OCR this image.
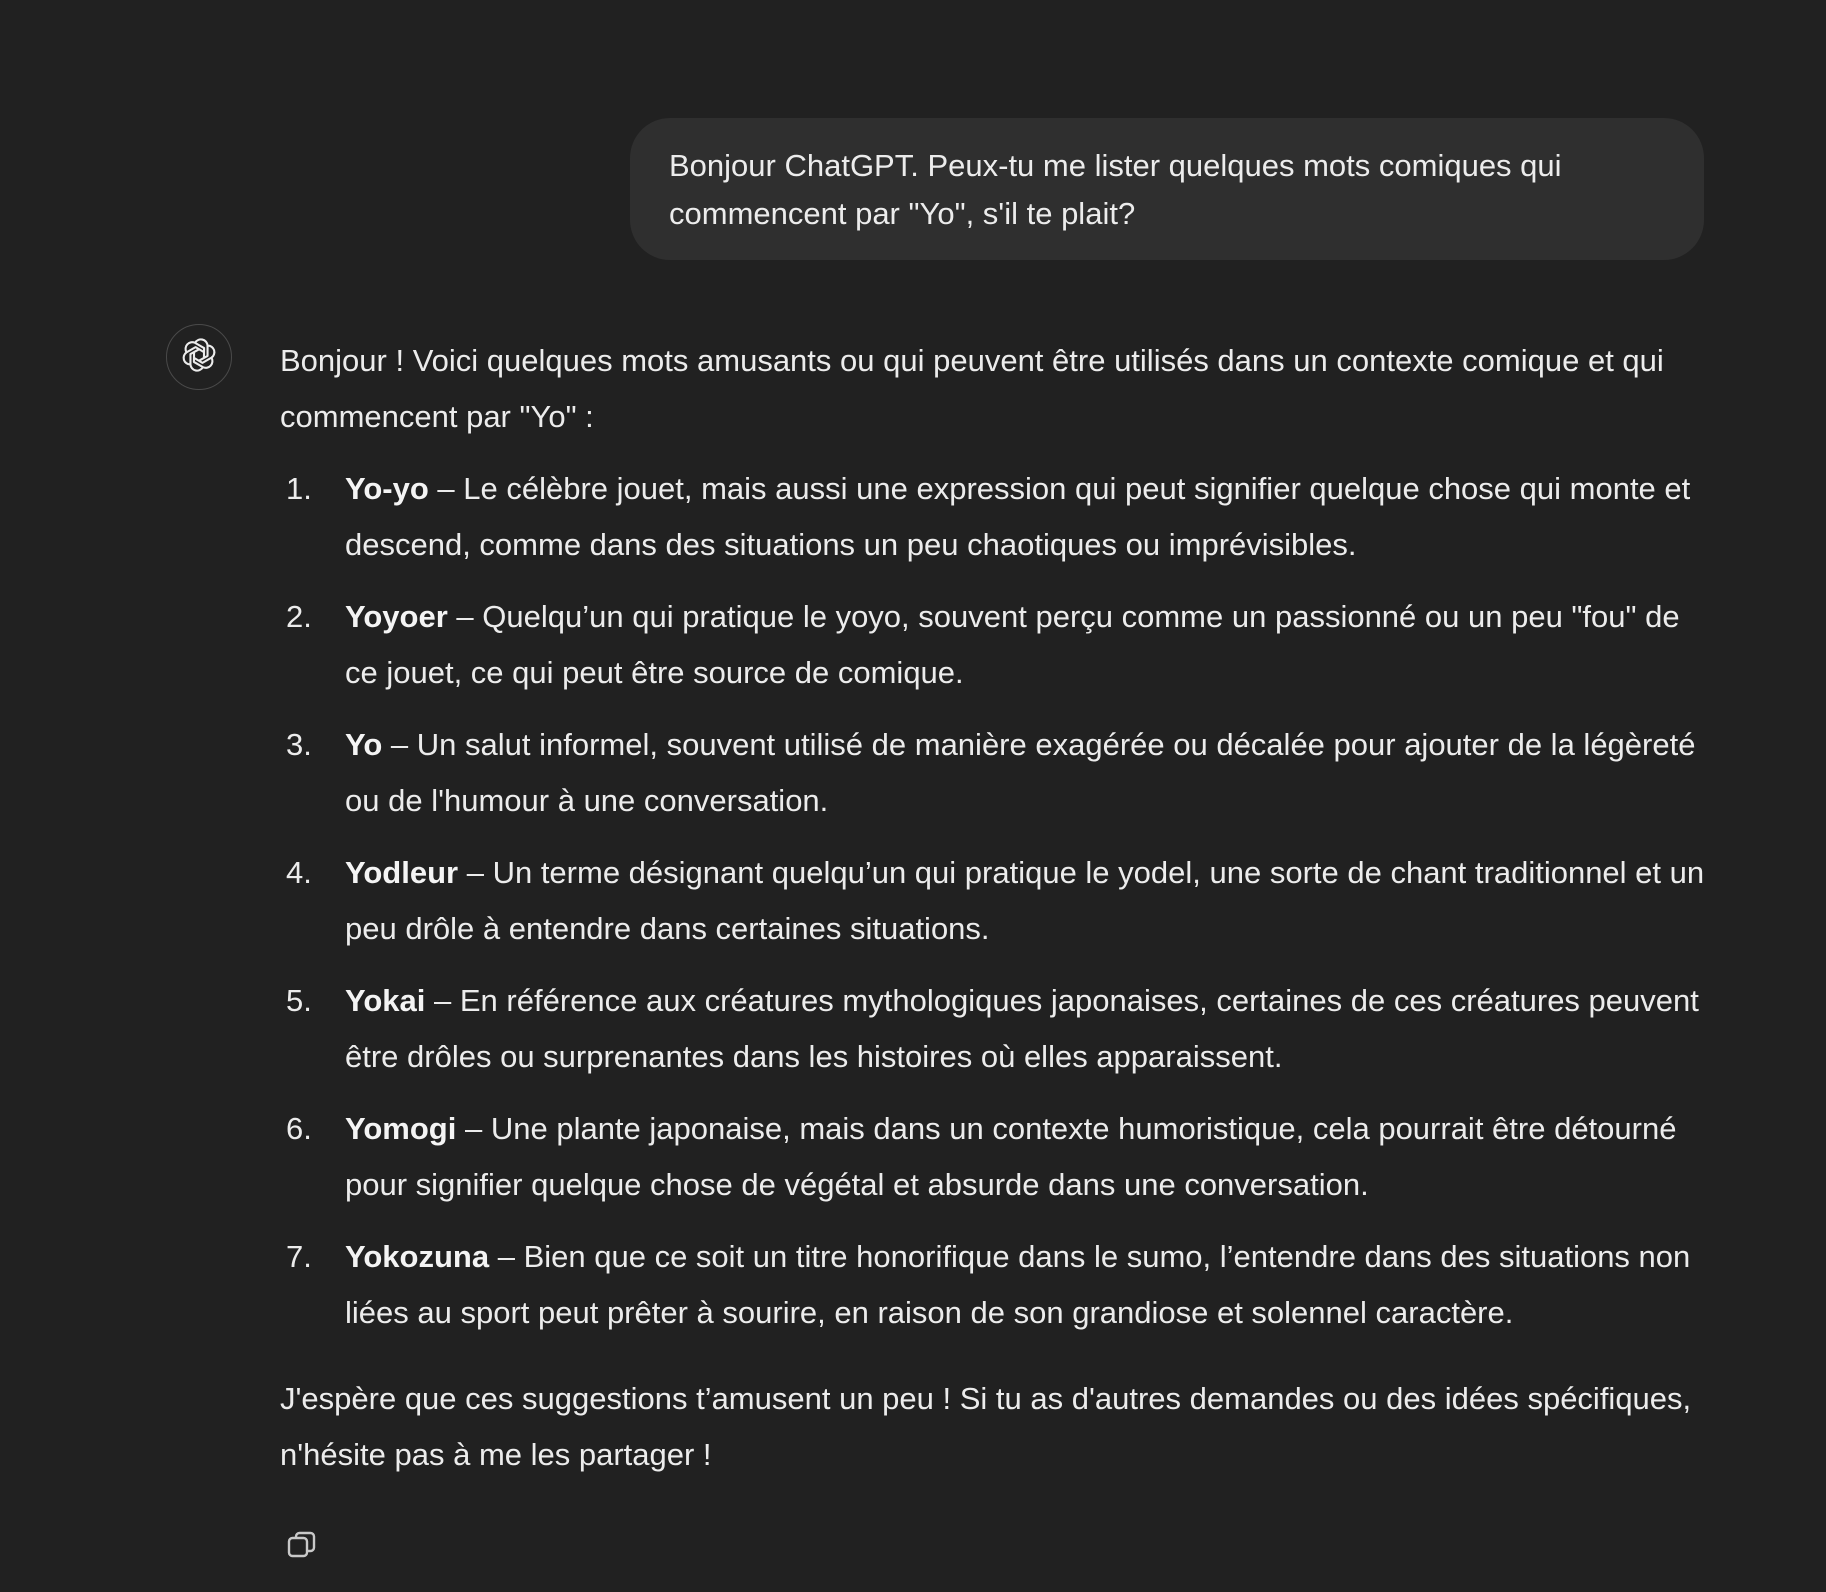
Bonjour ChatGPT. Peux-tu me lister quelques mots comiques qui commencent par "Yo", s'il te plait?

Bonjour ! Voici quelques mots amusants ou qui peuvent être utilisés dans un contexte comique et qui commencent par "Yo" :

1. Yo-yo – Le célèbre jouet, mais aussi une expression qui peut signifier quelque chose qui monte et descend, comme dans des situations un peu chaotiques ou imprévisibles.
2. Yoyoer – Quelqu’un qui pratique le yoyo, souvent perçu comme un passionné ou un peu "fou" de ce jouet, ce qui peut être source de comique.
3. Yo – Un salut informel, souvent utilisé de manière exagérée ou décalée pour ajouter de la légèreté ou de l'humour à une conversation.
4. Yodleur – Un terme désignant quelqu’un qui pratique le yodel, une sorte de chant traditionnel et un peu drôle à entendre dans certaines situations.
5. Yokai – En référence aux créatures mythologiques japonaises, certaines de ces créatures peuvent être drôles ou surprenantes dans les histoires où elles apparaissent.
6. Yomogi – Une plante japonaise, mais dans un contexte humoristique, cela pourrait être détourné pour signifier quelque chose de végétal et absurde dans une conversation.
7. Yokozuna – Bien que ce soit un titre honorifique dans le sumo, l’entendre dans des situations non liées au sport peut prêter à sourire, en raison de son grandiose et solennel caractère.

J'espère que ces suggestions t’amusent un peu ! Si tu as d'autres demandes ou des idées spécifiques, n'hésite pas à me les partager !
